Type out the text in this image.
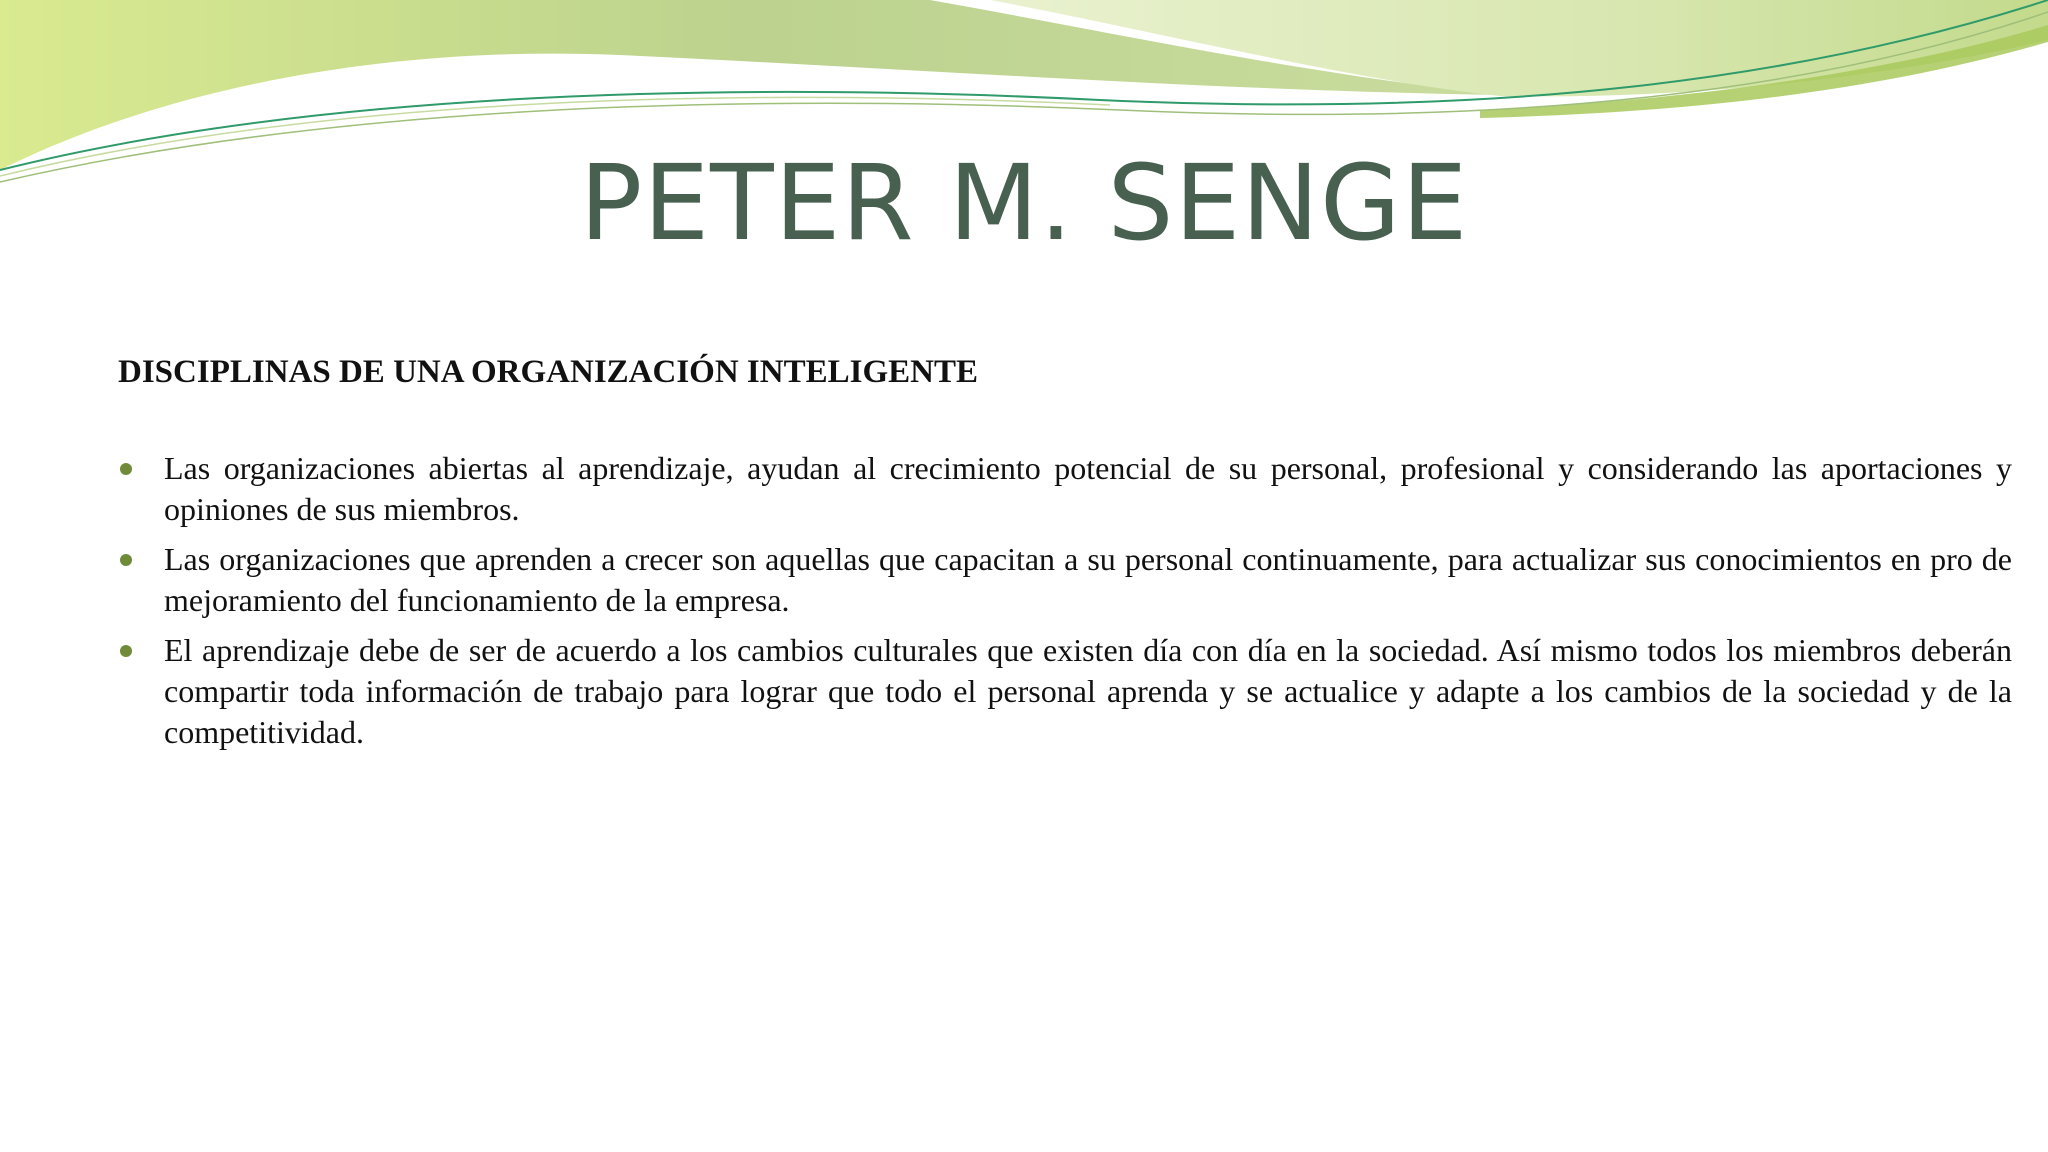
PETER M. SENGE
DISCIPLINAS DE UNA ORGANIZACIÓN INTELIGENTE
Las organizaciones abiertas al aprendizaje, ayudan al crecimiento potencial de su personal, profesional y considerando las aportaciones y opiniones de sus miembros.
Las organizaciones que aprenden a crecer son aquellas que capacitan a su personal continuamente, para actualizar sus conocimientos en pro de mejoramiento del funcionamiento de la empresa.
El aprendizaje debe de ser de acuerdo a los cambios culturales que existen día con día en la sociedad. Así mismo todos los miembros deberán compartir toda información de trabajo para lograr que todo el personal aprenda y se actualice y adapte a los cambios de la sociedad y de la competitividad.
